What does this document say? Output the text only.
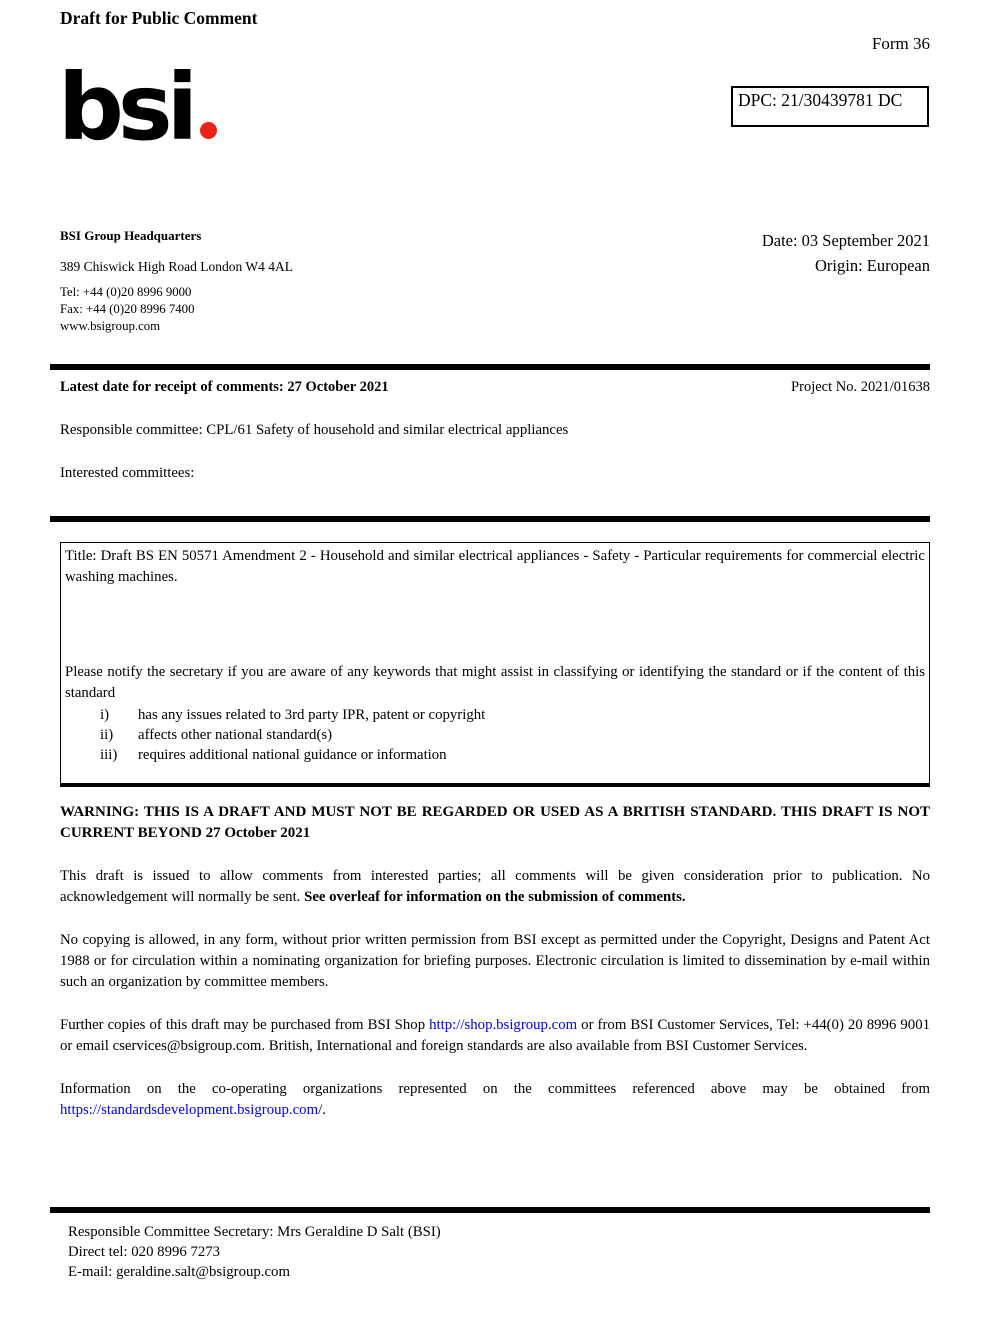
Draft for Public Comment
Form 36
DPC: 21/30439781 DC
bsi
BSI Group Headquarters
389 Chiswick High Road London W4 4AL
Tel: +44 (0)20 8996 9000
Fax: +44 (0)20 8996 7400
www.bsigroup.com
Date: 03 September 2021
Origin: European
Latest date for receipt of comments: 27 October 2021	Project No. 2021/01638
Responsible committee: CPL/61 Safety of household and similar electrical appliances
Interested committees:
Title: Draft BS EN 50571 Amendment 2 - Household and similar electrical appliances - Safety - Particular requirements for commercial electric washing machines.
Please notify the secretary if you are aware of any keywords that might assist in classifying or identifying the standard or if the content of this standard
i)	has any issues related to 3rd party IPR, patent or copyright
ii)	affects other national standard(s)
iii)	requires additional national guidance or information
WARNING: THIS IS A DRAFT AND MUST NOT BE REGARDED OR USED AS A BRITISH STANDARD. THIS DRAFT IS NOT CURRENT BEYOND 27 October 2021
This draft is issued to allow comments from interested parties; all comments will be given consideration prior to publication. No acknowledgement will normally be sent. See overleaf for information on the submission of comments.
No copying is allowed, in any form, without prior written permission from BSI except as permitted under the Copyright, Designs and Patent Act 1988 or for circulation within a nominating organization for briefing purposes. Electronic circulation is limited to dissemination by e-mail within such an organization by committee members.
Further copies of this draft may be purchased from BSI Shop http://shop.bsigroup.com or from BSI Customer Services, Tel: +44(0) 20 8996 9001 or email cservices@bsigroup.com. British, International and foreign standards are also available from BSI Customer Services.
Information on the co-operating organizations represented on the committees referenced above may be obtained from https://standardsdevelopment.bsigroup.com/.
Responsible Committee Secretary: Mrs Geraldine D Salt (BSI)
Direct tel: 020 8996 7273
E-mail: geraldine.salt@bsigroup.com
